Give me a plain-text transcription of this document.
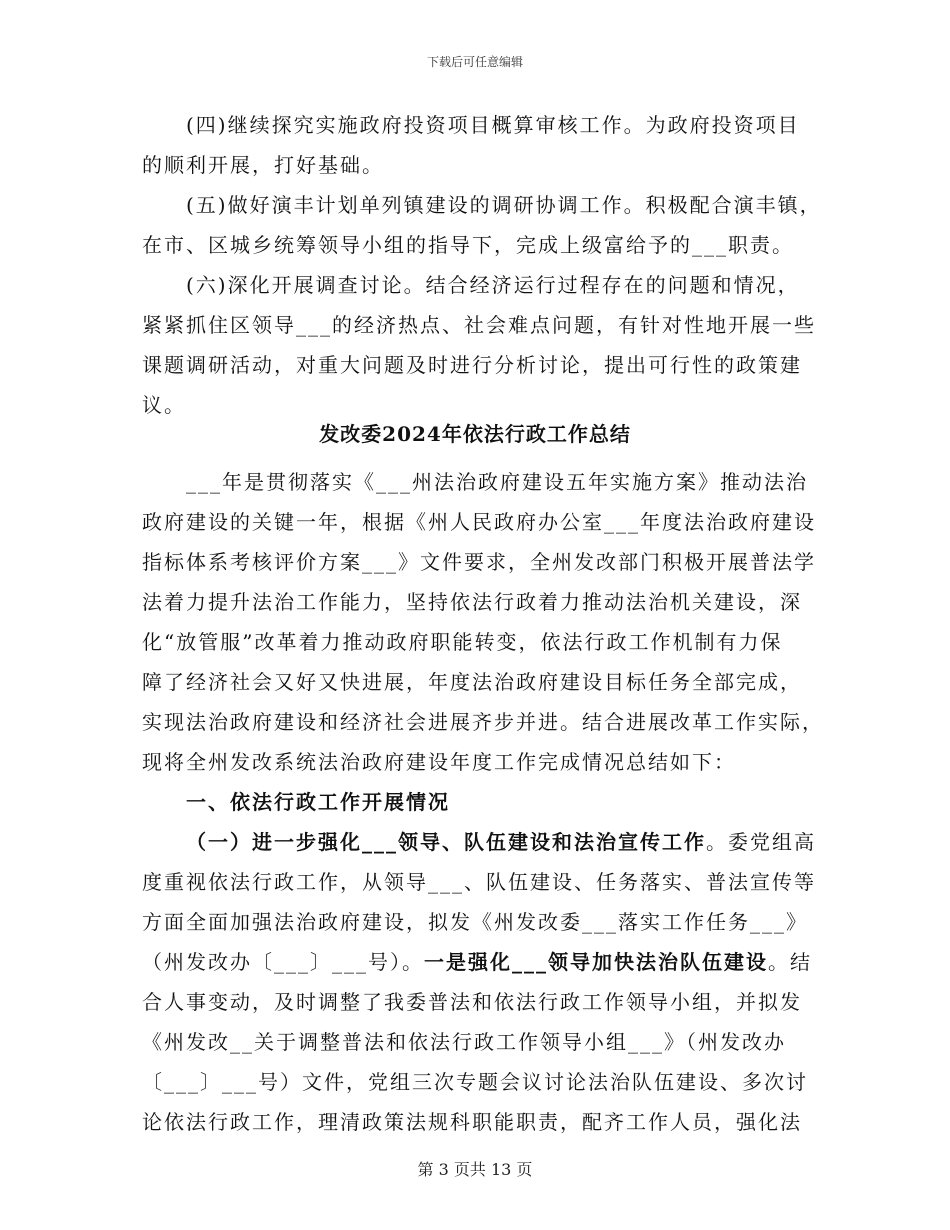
下载后可任意编辑
(四)继续探究实施政府投资项目概算审核工作。为政府投资项目
的顺利开展，打好基础。
(五)做好演丰计划单列镇建设的调研协调工作。积极配合演丰镇，
在市、区城乡统筹领导小组的指导下，完成上级富给予的___职责。
(六)深化开展调查讨论。结合经济运行过程存在的问题和情况，
紧紧抓住区领导___的经济热点、社会难点问题，有针对性地开展一些
课题调研活动，对重大问题及时进行分析讨论，提出可行性的政策建
议。
发改委2024年依法行政工作总结
___年是贯彻落实《___州法治政府建设五年实施方案》推动法治
政府建设的关键一年，根据《州人民政府办公室___年度法治政府建设
指标体系考核评价方案___》文件要求，全州发改部门积极开展普法学
法着力提升法治工作能力，坚持依法行政着力推动法治机关建设，深
化“放管服”改革着力推动政府职能转变，依法行政工作机制有力保
障了经济社会又好又快进展，年度法治政府建设目标任务全部完成，
实现法治政府建设和经济社会进展齐步并进。结合进展改革工作实际，
现将全州发改系统法治政府建设年度工作完成情况总结如下：
一、依法行政工作开展情况
（一）进一步强化___领导、队伍建设和法治宣传工作。委党组高
度重视依法行政工作，从领导___、队伍建设、任务落实、普法宣传等
方面全面加强法治政府建设，拟发《州发改委___落实工作任务___》
（州发改办〔___〕___号）。一是强化___领导加快法治队伍建设。结
合人事变动，及时调整了我委普法和依法行政工作领导小组，并拟发
《州发改__关于调整普法和依法行政工作领导小组___》（州发改办
〔___〕___号）文件，党组三次专题会议讨论法治队伍建设、多次讨
论依法行政工作，理清政策法规科职能职责，配齐工作人员，强化法
第 3 页共 13 页
